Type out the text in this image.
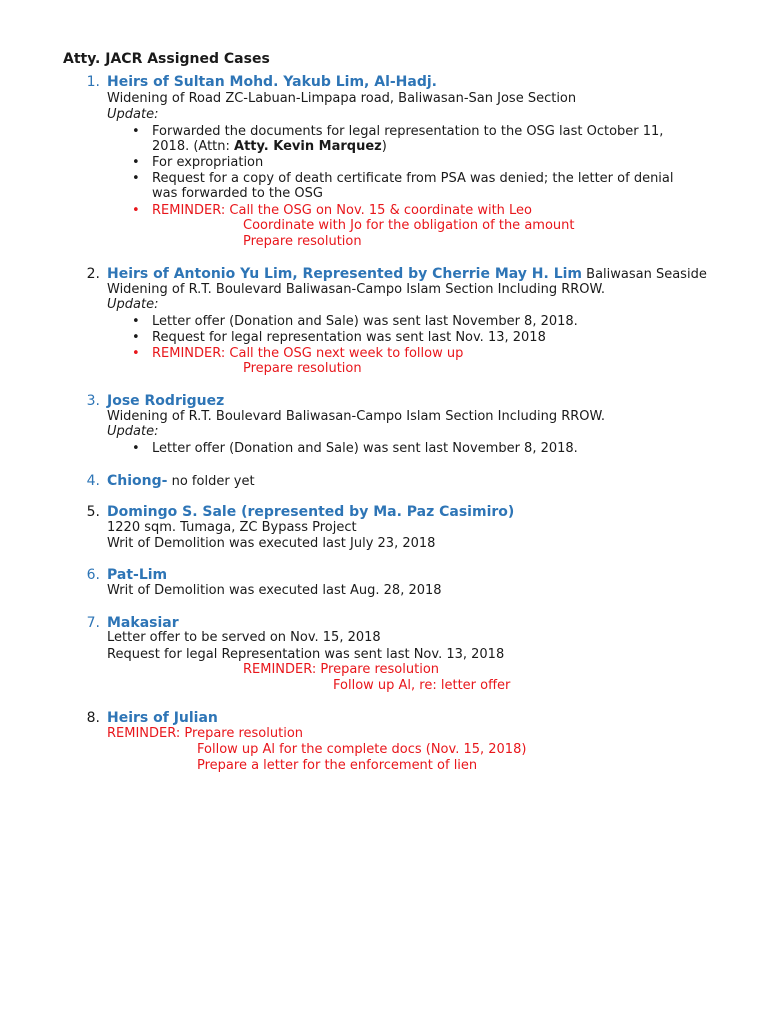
Atty. JACR Assigned Cases
1. Heirs of Sultan Mohd. Yakub Lim, Al-Hadj.
Widening of Road ZC-Labuan-Limpapa road, Baliwasan-San Jose Section
Update:
• Forwarded the documents for legal representation to the OSG last October 11,
2018. (Attn: Atty. Kevin Marquez)
• For expropriation
• Request for a copy of death certificate from PSA was denied; the letter of denial
was forwarded to the OSG
• REMINDER: Call the OSG on Nov. 15 & coordinate with Leo
Coordinate with Jo for the obligation of the amount
Prepare resolution
2. Heirs of Antonio Yu Lim, Represented by Cherrie May H. Lim Baliwasan Seaside
Widening of R.T. Boulevard Baliwasan-Campo Islam Section Including RROW.
Update:
• Letter offer (Donation and Sale) was sent last November 8, 2018.
• Request for legal representation was sent last Nov. 13, 2018
• REMINDER: Call the OSG next week to follow up
Prepare resolution
3. Jose Rodriguez
Widening of R.T. Boulevard Baliwasan-Campo Islam Section Including RROW.
Update:
• Letter offer (Donation and Sale) was sent last November 8, 2018.
4. Chiong- no folder yet
5. Domingo S. Sale (represented by Ma. Paz Casimiro)
1220 sqm. Tumaga, ZC Bypass Project
Writ of Demolition was executed last July 23, 2018
6. Pat-Lim
Writ of Demolition was executed last Aug. 28, 2018
7. Makasiar
Letter offer to be served on Nov. 15, 2018
Request for legal Representation was sent last Nov. 13, 2018
REMINDER: Prepare resolution
Follow up Al, re: letter offer
8. Heirs of Julian
REMINDER: Prepare resolution
Follow up Al for the complete docs (Nov. 15, 2018)
Prepare a letter for the enforcement of lien
